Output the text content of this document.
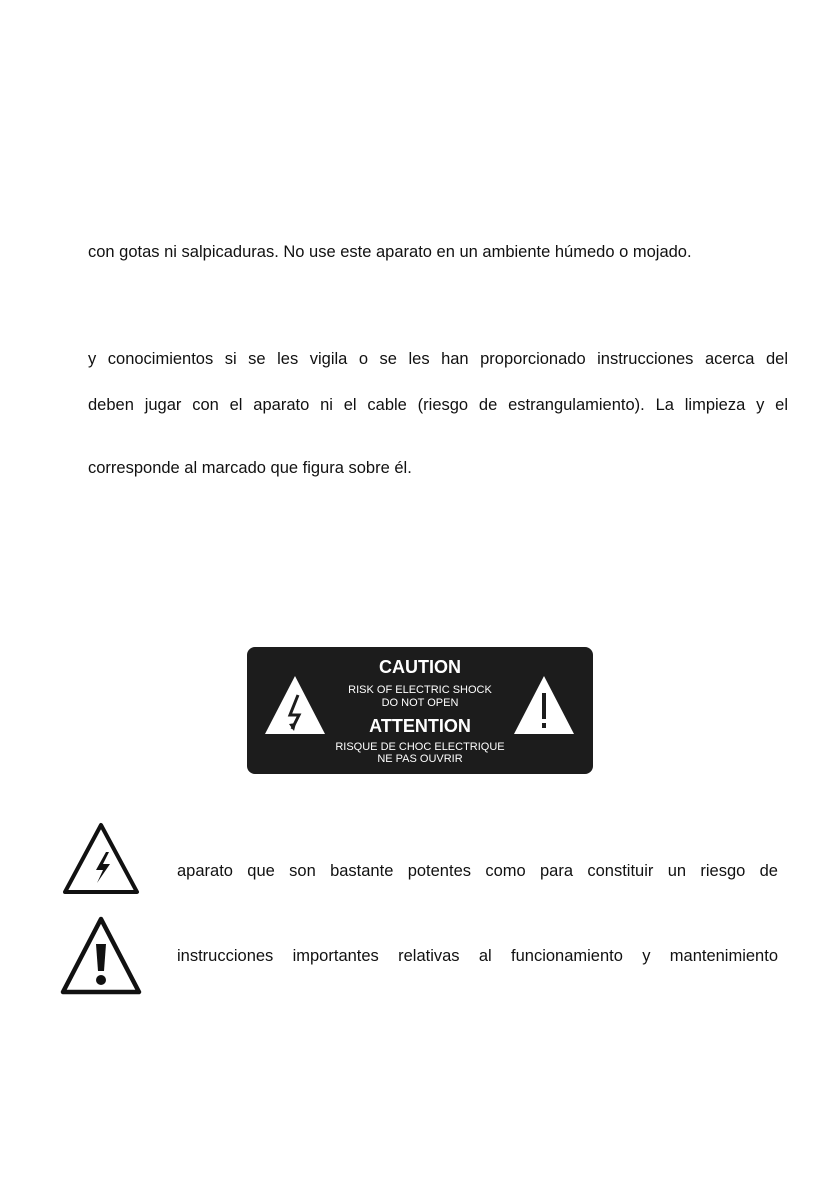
con gotas ni salpicaduras. No use este aparato en un ambiente húmedo o mojado.
y conocimientos si se les vigila o se les han proporcionado instrucciones acerca del
deben jugar con el aparato ni el cable (riesgo de estrangulamiento). La limpieza y el
corresponde al marcado que figura sobre él.
CAUTION
RISK OF ELECTRIC SHOCK
DO NOT OPEN
ATTENTION
RISQUE DE CHOC ELECTRIQUE
NE PAS OUVRIR
aparato que son bastante potentes como para constituir un riesgo de
instrucciones importantes relativas al funcionamiento y mantenimiento
